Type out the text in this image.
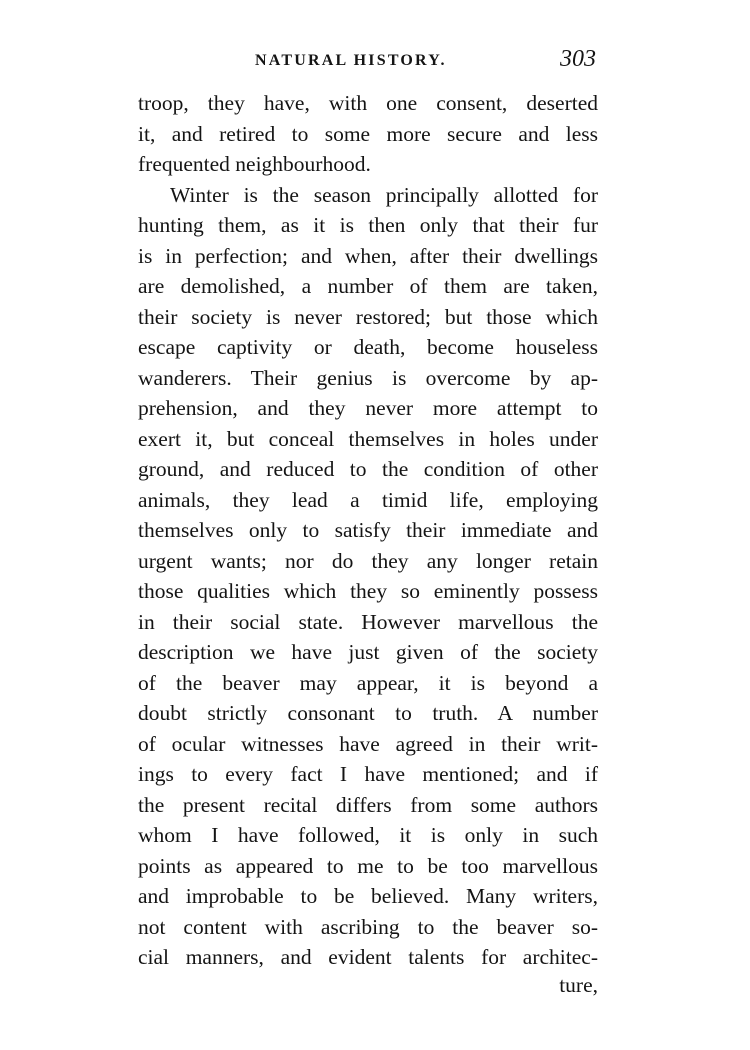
NATURAL HISTORY.	303
troop, they have, with one consent, deserted
it, and retired to some more secure and less
frequented neighbourhood.
Winter is the season principally allotted for
hunting them, as it is then only that their fur
is in perfection; and when, after their dwellings
are demolished, a number of them are taken,
their society is never restored; but those which
escape captivity or death, become houseless
wanderers. Their genius is overcome by ap-
prehension, and they never more attempt to
exert it, but conceal themselves in holes under
ground, and reduced to the condition of other
animals, they lead a timid life, employing
themselves only to satisfy their immediate and
urgent wants; nor do they any longer retain
those qualities which they so eminently possess
in their social state. However marvellous the
description we have just given of the society
of the beaver may appear, it is beyond a
doubt strictly consonant to truth. A number
of ocular witnesses have agreed in their writ-
ings to every fact I have mentioned; and if
the present recital differs from some authors
whom I have followed, it is only in such
points as appeared to me to be too marvellous
and improbable to be believed. Many writers,
not content with ascribing to the beaver so-
cial manners, and evident talents for architec-
ture,
